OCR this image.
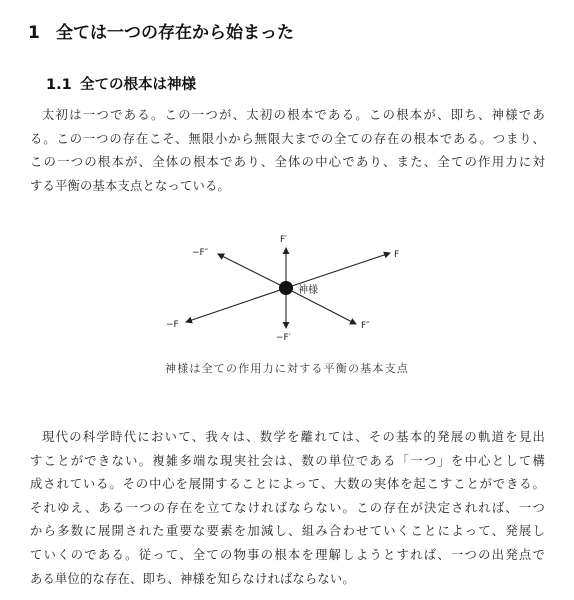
1 全ては一つの存在から始まった
1.1 全ての根本は神様
太初は一つである。この一つが、太初の根本である。この根本が、即ち、神様であ
る。この一つの存在こそ、無限小から無限大までの全ての存在の根本である。つまり、
この一つの根本が、全体の根本であり、全体の中心であり、また、全ての作用力に対
する平衡の基本支点となっている。
F
−F
F′
−F′
F″
−F″
神様
神様は全ての作用力に対する平衡の基本支点
現代の科学時代において、我々は、数学を離れては、その基本的発展の軌道を見出
すことができない。複雑多端な現実社会は、数の単位である「一つ」を中心として構
成されている。その中心を展開することによって、大数の実体を起こすことができる。
それゆえ、ある一つの存在を立てなければならない。この存在が決定されれば、一つ
から多数に展開された重要な要素を加減し、組み合わせていくことによって、発展し
ていくのである。従って、全ての物事の根本を理解しようとすれば、一つの出発点で
ある単位的な存在、即ち、神様を知らなければならない。
